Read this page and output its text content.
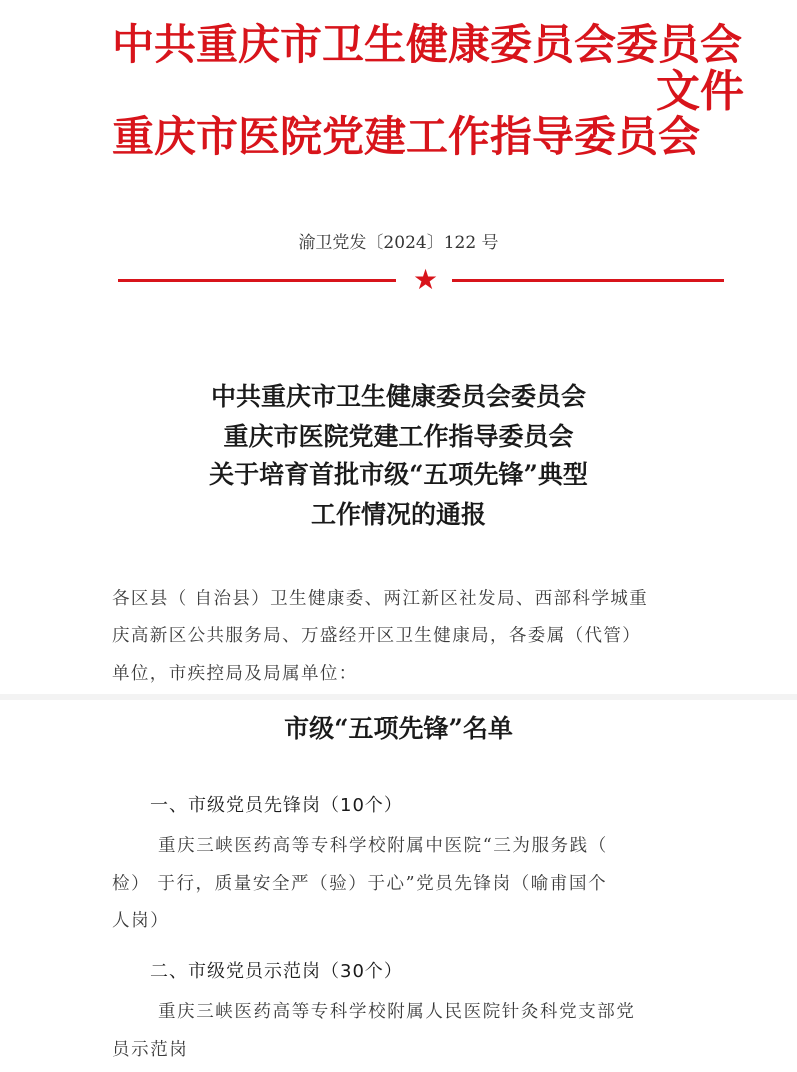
中共重庆市卫生健康委员会委员会
重庆市医院党建工作指导委员会
文件
渝卫党发〔2024〕122 号
★
中共重庆市卫生健康委员会委员会
重庆市医院党建工作指导委员会
关于培育首批市级“五项先锋”典型
工作情况的通报
各区县（ 自治县）卫生健康委、两江新区社发局、西部科学城重
庆高新区公共服务局、万盛经开区卫生健康局，各委属（代管）
单位，市疾控局及局属单位：
市级“五项先锋”名单
一、市级党员先锋岗（10个）
重庆三峡医药高等专科学校附属中医院“三为服务践（
检） 于行，质量安全严（验）于心”党员先锋岗（喻甫国个
人岗）
二、市级党员示范岗（30个）
重庆三峡医药高等专科学校附属人民医院针灸科党支部党
员示范岗
